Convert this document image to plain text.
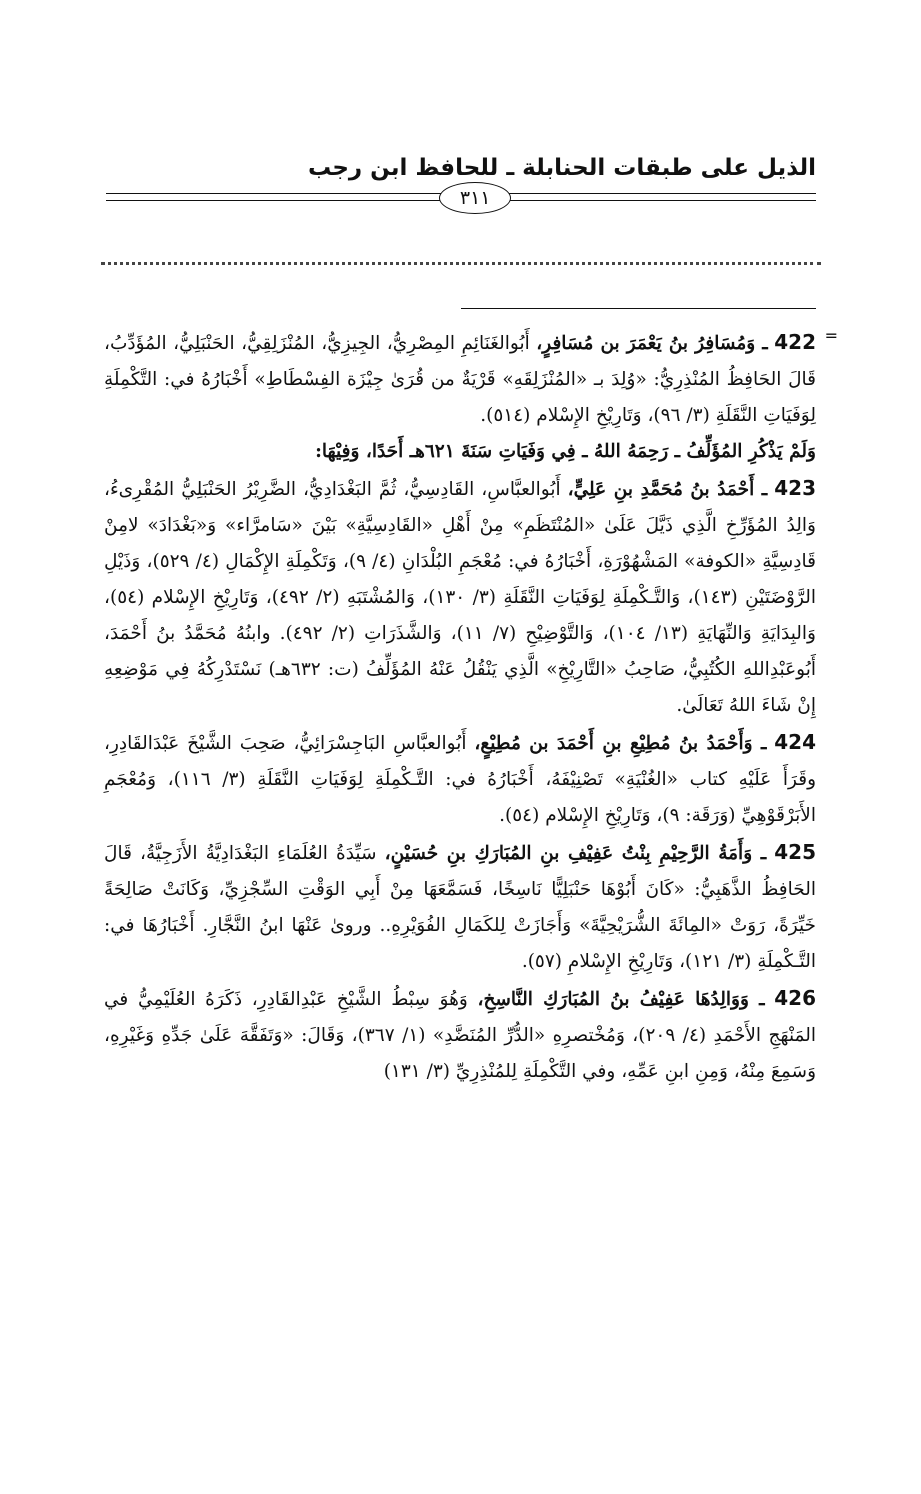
الذيل على طبقات الحنابلة ـ للحافظ ابن رجب
٣١١
=

422 ـ وَمُسَافِرُ بنُ يَعْمَرَ بن مُسَافِرٍ، أَبُوالغَنَائِمِ المِصْرِيُّ، الجِيزِيُّ، المُنْزَلِقِيُّ، الحَنْبَلِيُّ، المُؤَدِّبُ، قَالَ الحَافِظُ المُنْذِرِيُّ: «وُلِدَ بـ «المُنْزَلِقَهِ» قَرْيَةٌ من قُرَىٰ جِيْزَة الفِسْطَاطِ» أَخْبَارُهُ في: التَّكْمِلَةِ لِوَفَيَاتِ النَّقَلَةِ (٣/ ٩٦)، وَتَارِيْخِ الإِسْلام (٥١٤).

وَلَمْ يَذْكُرِ المُؤَلِّفُ ـ رَحِمَهُ اللهُ ـ فِي وَفَيَاتِ سَنَةَ ٦٢١هـ أَحَدًا، وَفِيْهَا:

423 ـ أَحْمَدُ بنُ مُحَمَّدِ بنِ عَلِيٍّ، أَبُوالعبَّاسِ، القَادِسِيُّ، ثُمَّ البَغْدَادِيُّ، الضَّرِيْرُ الحَنْبَلِيُّ المُقْرِىءُ، وَالِدُ المُؤَرِّخِ الَّذِي ذَيَّلَ عَلَىٰ «المُنْتَظَمِ» مِنْ أَهْلِ «القَادِسِيَّةِ» بَيْنَ «سَامرَّاء» وَ«بَغْدَادَ» لامِنْ قَادِسِيَّةِ «الكوفة» المَشْهُوْرَةِ، أَخْبَارُهُ في: مُعْجَمِ البُلْدَانِ (٤/ ٩)، وَتَكْمِلَةِ الإِكْمَالِ (٤/ ٥٢٩)، وَذَيْلِ الرَّوْضَتَيْنِ (١٤٣)، وَالتَّـكْمِلَةِ لِوَفَيَاتِ النَّقَلَةِ (٣/ ١٣٠)، وَالمُشْتَبَهِ (٢/ ٤٩٢)، وَتَارِيْخِ الإِسْلام (٥٤)، وَالبِدَايَةِ وَالنِّهَايَةِ (١٣/ ١٠٤)، وَالتَّوْضِيْحِ (٧/ ١١)، وَالشَّذَرَاتِ (٢/ ٤٩٢). وابنُهُ مُحَمَّدُ بنُ أَحْمَدَ، أَبُوعَبْدِاللهِ الكُتُبِيُّ، صَاحِبُ «التَّارِيْخِ» الَّذِي يَنْقُلُ عَنْهُ المُؤَلِّفُ (ت: ٦٣٢هـ) نَسْتَدْرِكُهُ فِي مَوْضِعِهِ إِنْ شَاءَ اللهُ تَعَالَىٰ.

424 ـ وَأَحْمَدُ بنُ مُطِيْعِ بنِ أَحْمَدَ بن مُطِيْعٍ، أَبُوالعبَّاسِ البَاجِسْرَائِيُّ، صَحِبَ الشَّيْخَ عَبْدَالقَادِرِ، وقَرَأَ عَلَيْهِ كتاب «الغُنْيَةِ» تَصْنِيْفَهُ، أَخْبَارُهُ في: التَّـكْمِلَةِ لِوَفَيَاتِ النَّقَلَةِ (٣/ ١١٦)، وَمُعْجَمِ الأَبَرْقَوْهِيِّ (وَرَقَة: ٩)، وَتَارِيْخِ الإِسْلام (٥٤).

425 ـ وَأَمَةُ الرَّحِيْمِ بِنْتُ عَفِيْفِ بنِ المُبَارَكِ بنِ حُسَيْنٍ، سَيِّدَةُ العُلَمَاءِ البَغْدَادِيَّةُ الأَزَجِيَّةُ، قَالَ الحَافِظُ الذَّهَبِيُّ: «كَانَ أَبُوْهَا حَنْبَلِيًّا نَاسِخًا، فَسَمَّعَهَا مِنْ أَبِي الوَقْتِ السِّجْزِيِّ، وَكَانَتْ صَالِحَةً خَيِّرَةً، رَوَتْ «المِائَةَ الشُّرَيْحِيَّةَ» وَأَجَازَتْ لِلكَمَالِ الفُوَيْرِهِ.. وروىٰ عَنْهَا ابنُ النَّجَّارِ. أَخْبَارُهَا في: التَّـكْمِلَةِ (٣/ ١٢١)، وَتَارِيْخِ الإِسْلامِ (٥٧).

426 ـ وَوَالِدُهَا عَفِيْفُ بنُ المُبَارَكِ النَّاسِخِ، وَهُوَ سِبْطُ الشَّيْخِ عَبْدِالقَادِرِ، ذَكَرَهُ العُلَيْمِيُّ في المَنْهَجِ الأَحْمَدِ (٤/ ٢٠٩)، وَمُخْتصرِهِ «الدُّرِّ المُنَضَّدِ» (١/ ٣٦٧)، وَقَالَ: «وَتَفَقَّهَ عَلَىٰ جَدِّهِ وَغَيْرِهِ، وَسَمِعَ مِنْهُ، وَمِنِ ابنِ عَمِّهِ، وفي التَّكْمِلَةِ لِلمُنْذِرِيِّ (٣/ ١٣١)
